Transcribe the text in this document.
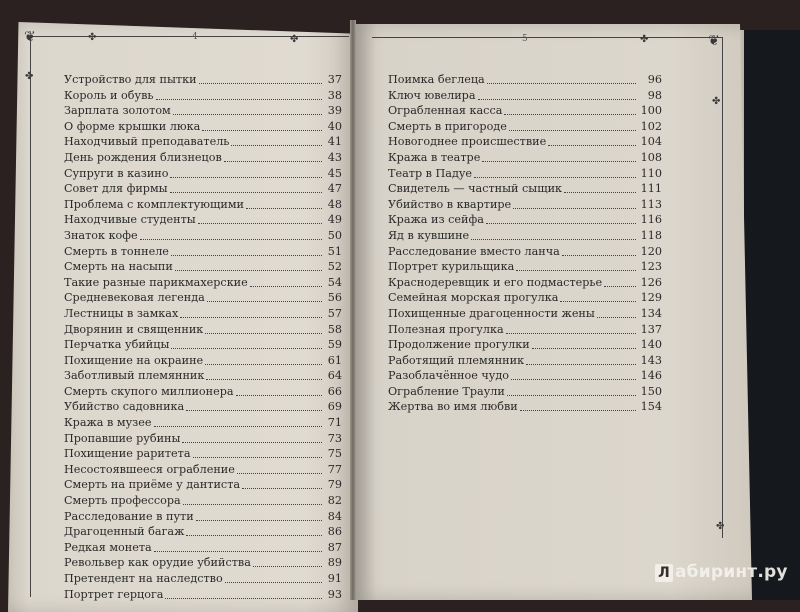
❦	✤	✤
✤
✤	❦
✤
✤
4	5
Устройство для пытки	37
Король и обувь	38
Зарплата золотом	39
О форме крышки люка	40
Находчивый преподаватель	41
День рождения близнецов	43
Супруги в казино	45
Совет для фирмы	47
Проблема с комплектующими	48
Находчивые студенты	49
Знаток кофе	50
Смерть в тоннеле	51
Смерть на насыпи	52
Такие разные парикмахерские	54
Средневековая легенда	56
Лестницы в замках	57
Дворянин и священник	58
Перчатка убийцы	59
Похищение на окраине	61
Заботливый племянник	64
Смерть скупого миллионера	66
Убийство садовника	69
Кража в музее	71
Пропавшие рубины	73
Похищение раритета	75
Несостоявшееся ограбление	77
Смерть на приёме у дантиста	79
Смерть профессора	82
Расследование в пути	84
Драгоценный багаж	86
Редкая монета	87
Револьвер как орудие убийства	89
Претендент на наследство	91
Портрет герцога	93
Поимка беглеца	96
Ключ ювелира	98
Ограбленная касса	100
Смерть в пригороде	102
Новогоднее происшествие	104
Кража в театре	108
Театр в Падуе	110
Свидетель — частный сыщик	111
Убийство в квартире	113
Кража из сейфа	116
Яд в кувшине	118
Расследование вместо ланча	120
Портрет курильщика	123
Краснодеревщик и его подмастерье	126
Семейная морская прогулка	129
Похищенные драгоценности жены	134
Полезная прогулка	137
Продолжение прогулки	140
Работящий племянник	143
Разоблачённое чудо	146
Ограбление Траули	150
Жертва во имя любви	154
Л абиринт.ру
